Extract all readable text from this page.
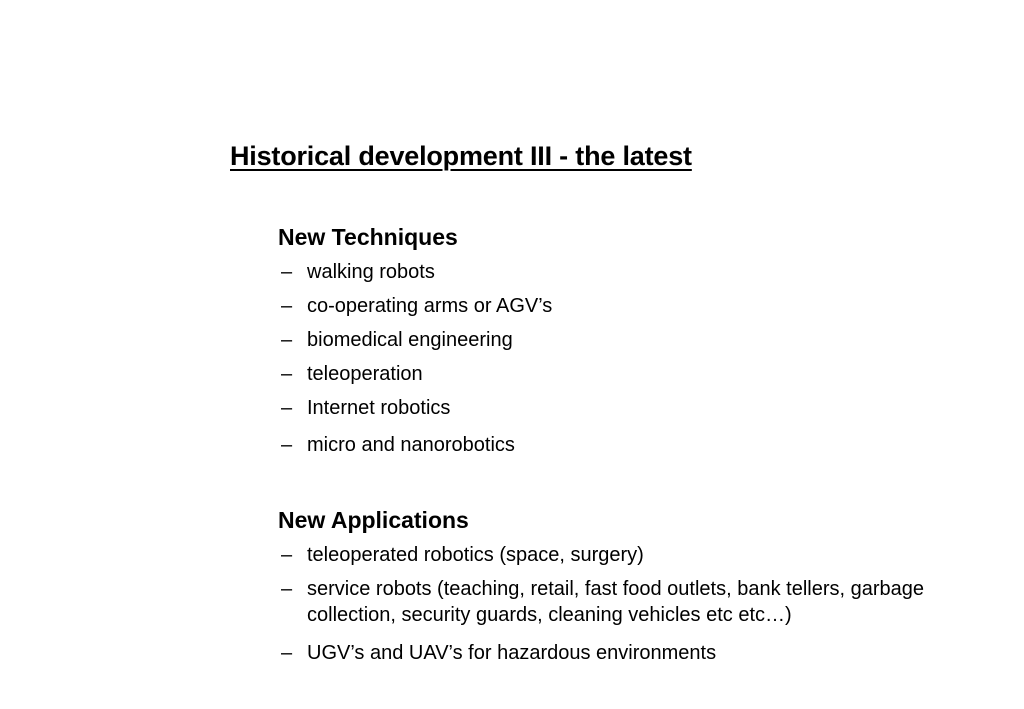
Historical development III - the latest
New Techniques
– walking robots
– co-operating arms or AGV’s
– biomedical engineering
– teleoperation
– Internet robotics
– micro and nanorobotics
New Applications
– teleoperated robotics (space, surgery)
– service robots (teaching, retail, fast food outlets, bank tellers, garbage collection, security guards, cleaning vehicles etc etc…)
– UGV’s and UAV’s for hazardous environments
